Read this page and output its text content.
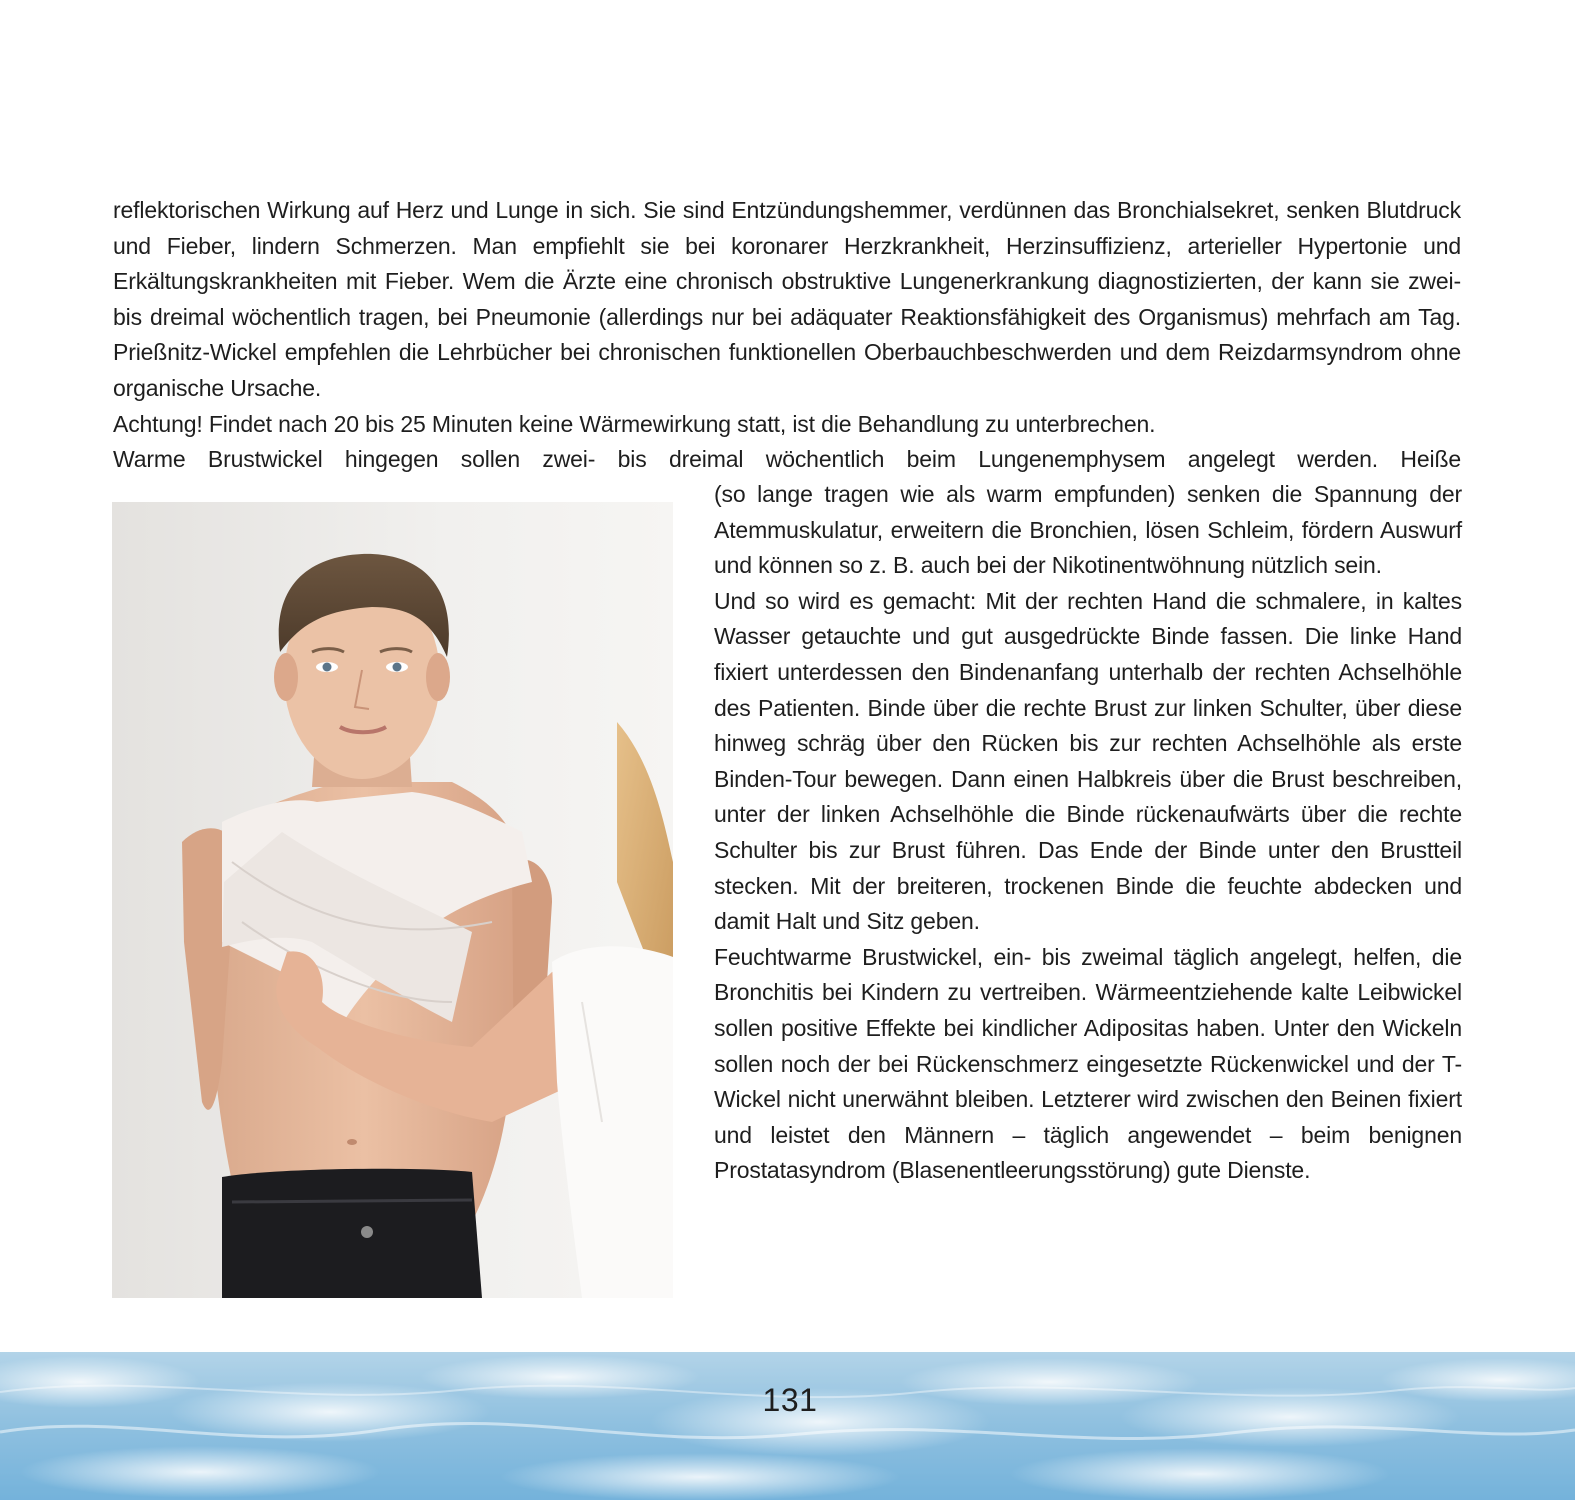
reflektorischen Wirkung auf Herz und Lunge in sich. Sie sind Entzündungshemmer, verdünnen das Bronchialsekret, senken Blutdruck und Fieber, lindern Schmerzen. Man empfiehlt sie bei koronarer Herzkrankheit, Herzinsuffizienz, arterieller Hypertonie und Erkältungskrankheiten mit Fieber. Wem die Ärzte eine chronisch obstruktive Lungenerkrankung diagnostizierten, der kann sie zwei- bis dreimal wöchentlich tragen, bei Pneumonie (allerdings nur bei adäquater Reaktionsfähigkeit des Organismus) mehrfach am Tag. Prießnitz-Wickel empfehlen die Lehrbücher bei chronischen funktionellen Oberbauchbeschwerden und dem Reizdarmsyndrom ohne organische Ursache.

Achtung! Findet nach 20 bis 25 Minuten keine Wärmewirkung statt, ist die Behandlung zu unterbrechen.

Warme Brustwickel hingegen sollen zwei- bis dreimal wöchentlich beim Lungenemphysem angelegt werden. Heiße

(so lange tragen wie als warm empfunden) senken die Spannung der Atemmuskulatur, erweitern die Bronchien, lösen Schleim, fördern Auswurf und können so z. B. auch bei der Nikotinentwöhnung nützlich sein.

Und so wird es gemacht: Mit der rechten Hand die schmalere, in kaltes Wasser getauchte und gut ausgedrückte Binde fassen. Die linke Hand fixiert unterdessen den Bindenanfang unterhalb der rechten Achselhöhle des Patienten. Binde über die rechte Brust zur linken Schulter, über diese hinweg schräg über den Rücken bis zur rechten Achselhöhle als erste Binden-Tour bewegen. Dann einen Halbkreis über die Brust beschreiben, unter der linken Achselhöhle die Binde rückenaufwärts über die rechte Schulter bis zur Brust führen. Das Ende der Binde unter den Brustteil stecken. Mit der breiteren, trockenen Binde die feuchte abdecken und damit Halt und Sitz geben.

Feuchtwarme Brustwickel, ein- bis zweimal täglich angelegt, helfen, die Bronchitis bei Kindern zu vertreiben. Wärmeentziehende kalte Leibwickel sollen positive Effekte bei kindlicher Adipositas haben. Unter den Wickeln sollen noch der bei Rückenschmerz eingesetzte Rückenwickel und der T-Wickel nicht unerwähnt bleiben. Letzterer wird zwischen den Beinen fixiert und leistet den Männern – täglich angewendet – beim benignen Prostatasyndrom (Blasenentleerungsstörung) gute Dienste.

131
